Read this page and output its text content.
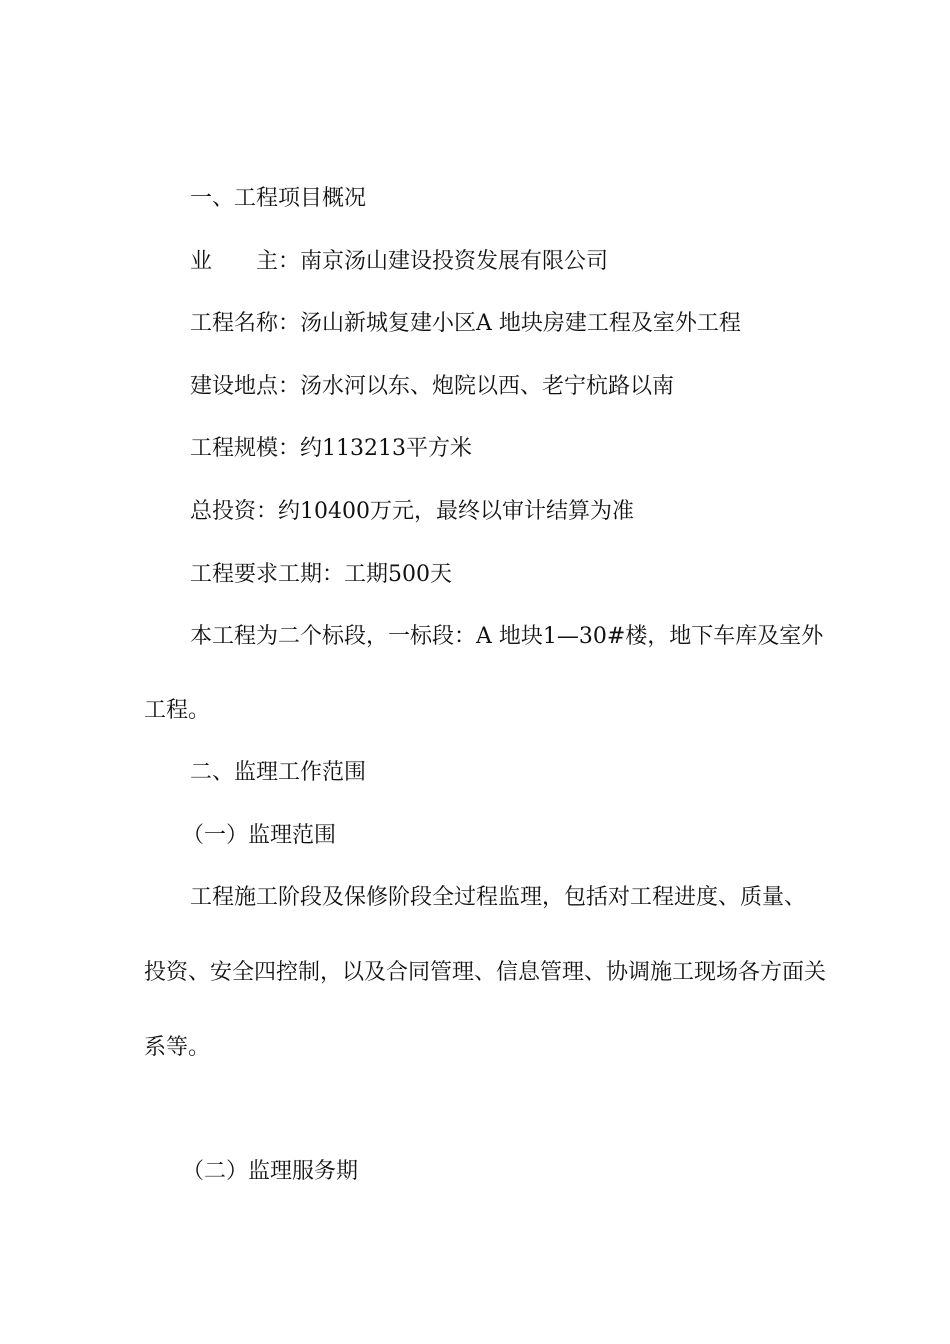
一、工程项目概况
业 主：南京汤山建设投资发展有限公司
工程名称：汤山新城复建小区A 地块房建工程及室外工程
建设地点：汤水河以东、炮院以西、老宁杭路以南
工程规模：约113213平方米
总投资：约10400万元，最终以审计结算为准
工程要求工期：工期500天
本工程为二个标段，一标段：A 地块1—30#楼，地下车库及室外
工程。
二、监理工作范围
（一）监理范围
工程施工阶段及保修阶段全过程监理，包括对工程进度、质量、
投资、安全四控制，以及合同管理、信息管理、协调施工现场各方面关
系等。
（二）监理服务期
